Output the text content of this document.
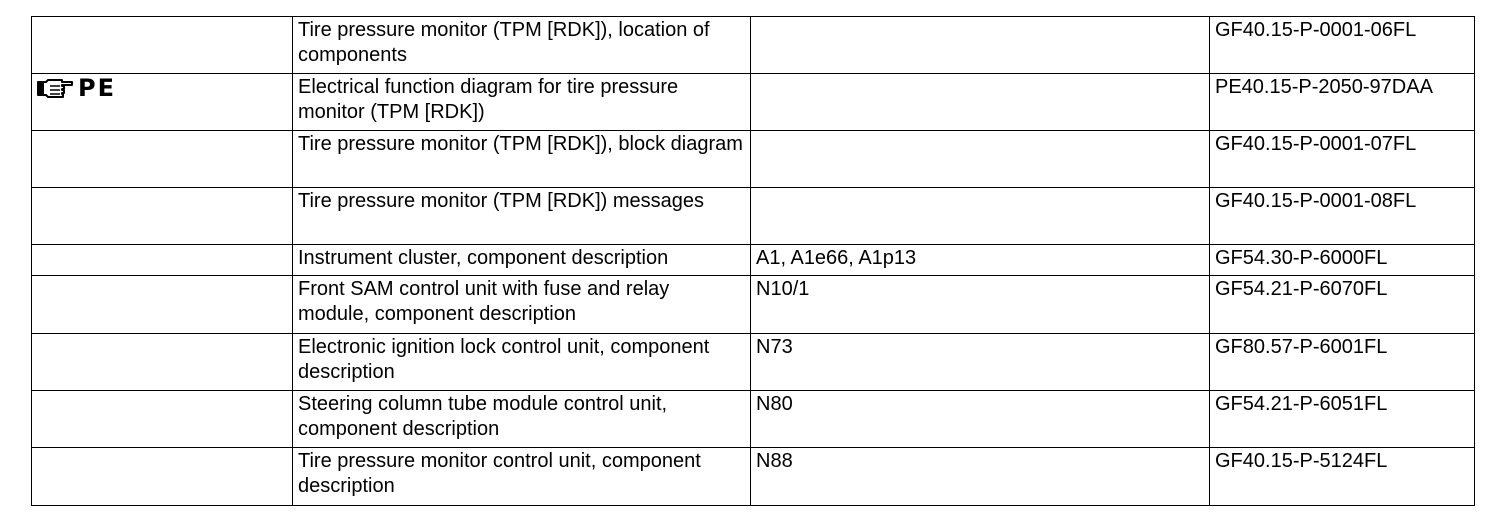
	Tire pressure monitor (TPM [RDK]), location of components		GF40.15-P-0001-06FL

PE	Electrical function diagram for tire pressure monitor (TPM [RDK])		PE40.15-P-2050-97DAA
	Tire pressure monitor (TPM [RDK]), block diagram		GF40.15-P-0001-07FL
	Tire pressure monitor (TPM [RDK]) messages		GF40.15-P-0001-08FL
	Instrument cluster, component description	A1, A1e66, A1p13	GF54.30-P-6000FL
	Front SAM control unit with fuse and relay module, component description	N10/1	GF54.21-P-6070FL
	Electronic ignition lock control unit, component description	N73	GF80.57-P-6001FL
	Steering column tube module control unit, component description	N80	GF54.21-P-6051FL
	Tire pressure monitor control unit, component description	N88	GF40.15-P-5124FL
